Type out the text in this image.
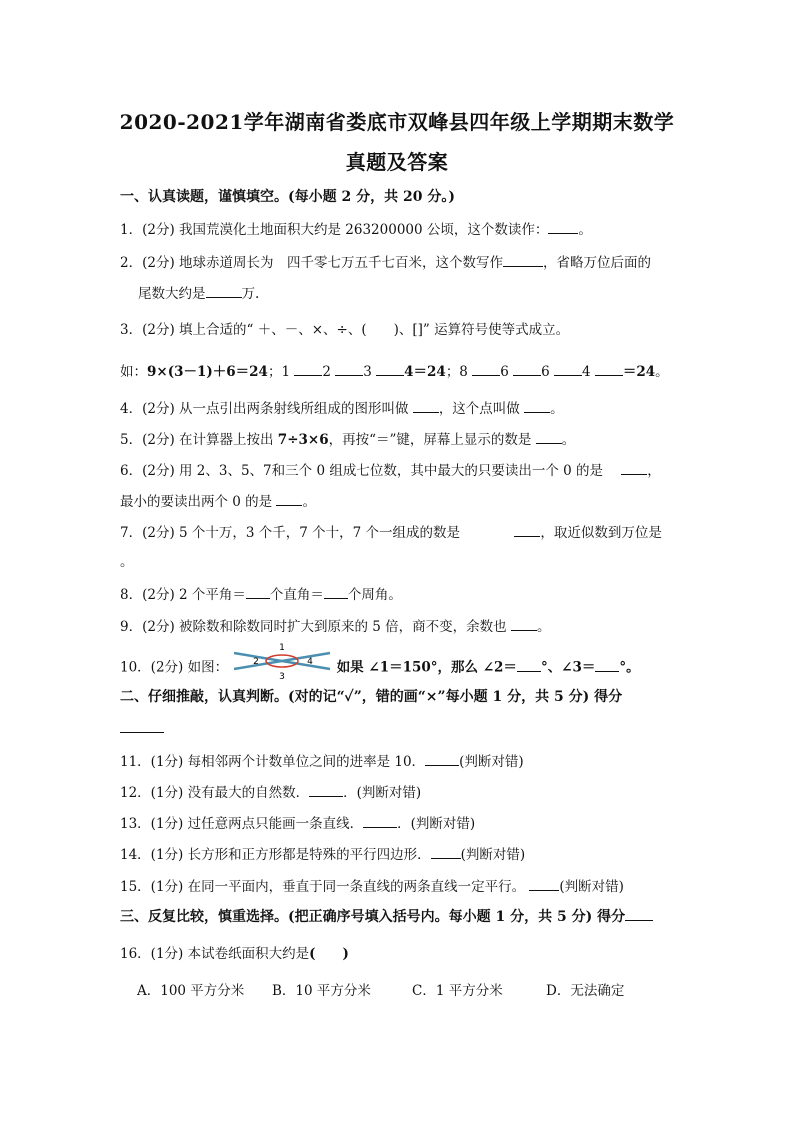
2020-2021学年湖南省娄底市双峰县四年级上学期期末数学
真题及答案
一、认真读题，谨慎填空。(每小题 2 分，共 20 分。)
1．(2分) 我国荒漠化土地面积大约是 263200000 公顷，这个数读作： 。
2．(2分) 地球赤道周长为　四千零七万五千七百米，这个数写作	，省略万位后面的
尾数大约是	万.
3．(2分) 填上合适的“ ＋、－、×、÷、(　　)、[]” 运算符号使等式成立。
如：9×(3－1)＋6＝24；1 2 3 4＝24；8 6 6 4 ＝24。
4．(2分) 从一点引出两条射线所组成的图形叫做 ，这个点叫做 。
5．(2分) 在计算器上按出 7÷3×6，再按“＝”键，屏幕上显示的数是 。
6．(2分) 用 2、3、5、7和三个 0 组成七位数，其中最大的只要读出一个 0 的是	，
最小的要读出两个 0 的是 。
7．(2分) 5 个十万，3 个千，7 个十，7 个一组成的数是	，取近似数到万位是
。
8．(2分) 2 个平角＝ 个直角＝ 个周角。
9．(2分) 被除数和除数同时扩大到原来的 5 倍，商不变，余数也 。
10．(2分) 如图：
1
2
3
4 如果 ∠1＝150°，那么 ∠2＝ °、∠3＝ °。
二、仔细推敲，认真判断。(对的记“✓”，错的画“×”每小题 1 分，共 5 分) 得分
11．(1分) 每相邻两个计数单位之间的进率是 10．	(判断对错)
12．(1分) 没有最大的自然数．	．(判断对错)
13．(1分) 过任意两点只能画一条直线．	．(判断对错)
14．(1分) 长方形和正方形都是特殊的平行四边形． (判断对错)
15．(1分) 在同一平面内，垂直于同一条直线的两条直线一定平行。	(判断对错)
三、反复比较，慎重选择。(把正确序号填入括号内。每小题 1 分，共 5 分) 得分
16．(1分) 本试卷纸面积大约是(　　)
A．100 平方分米 B．10 平方分米	C．1 平方分米	D．无法确定
